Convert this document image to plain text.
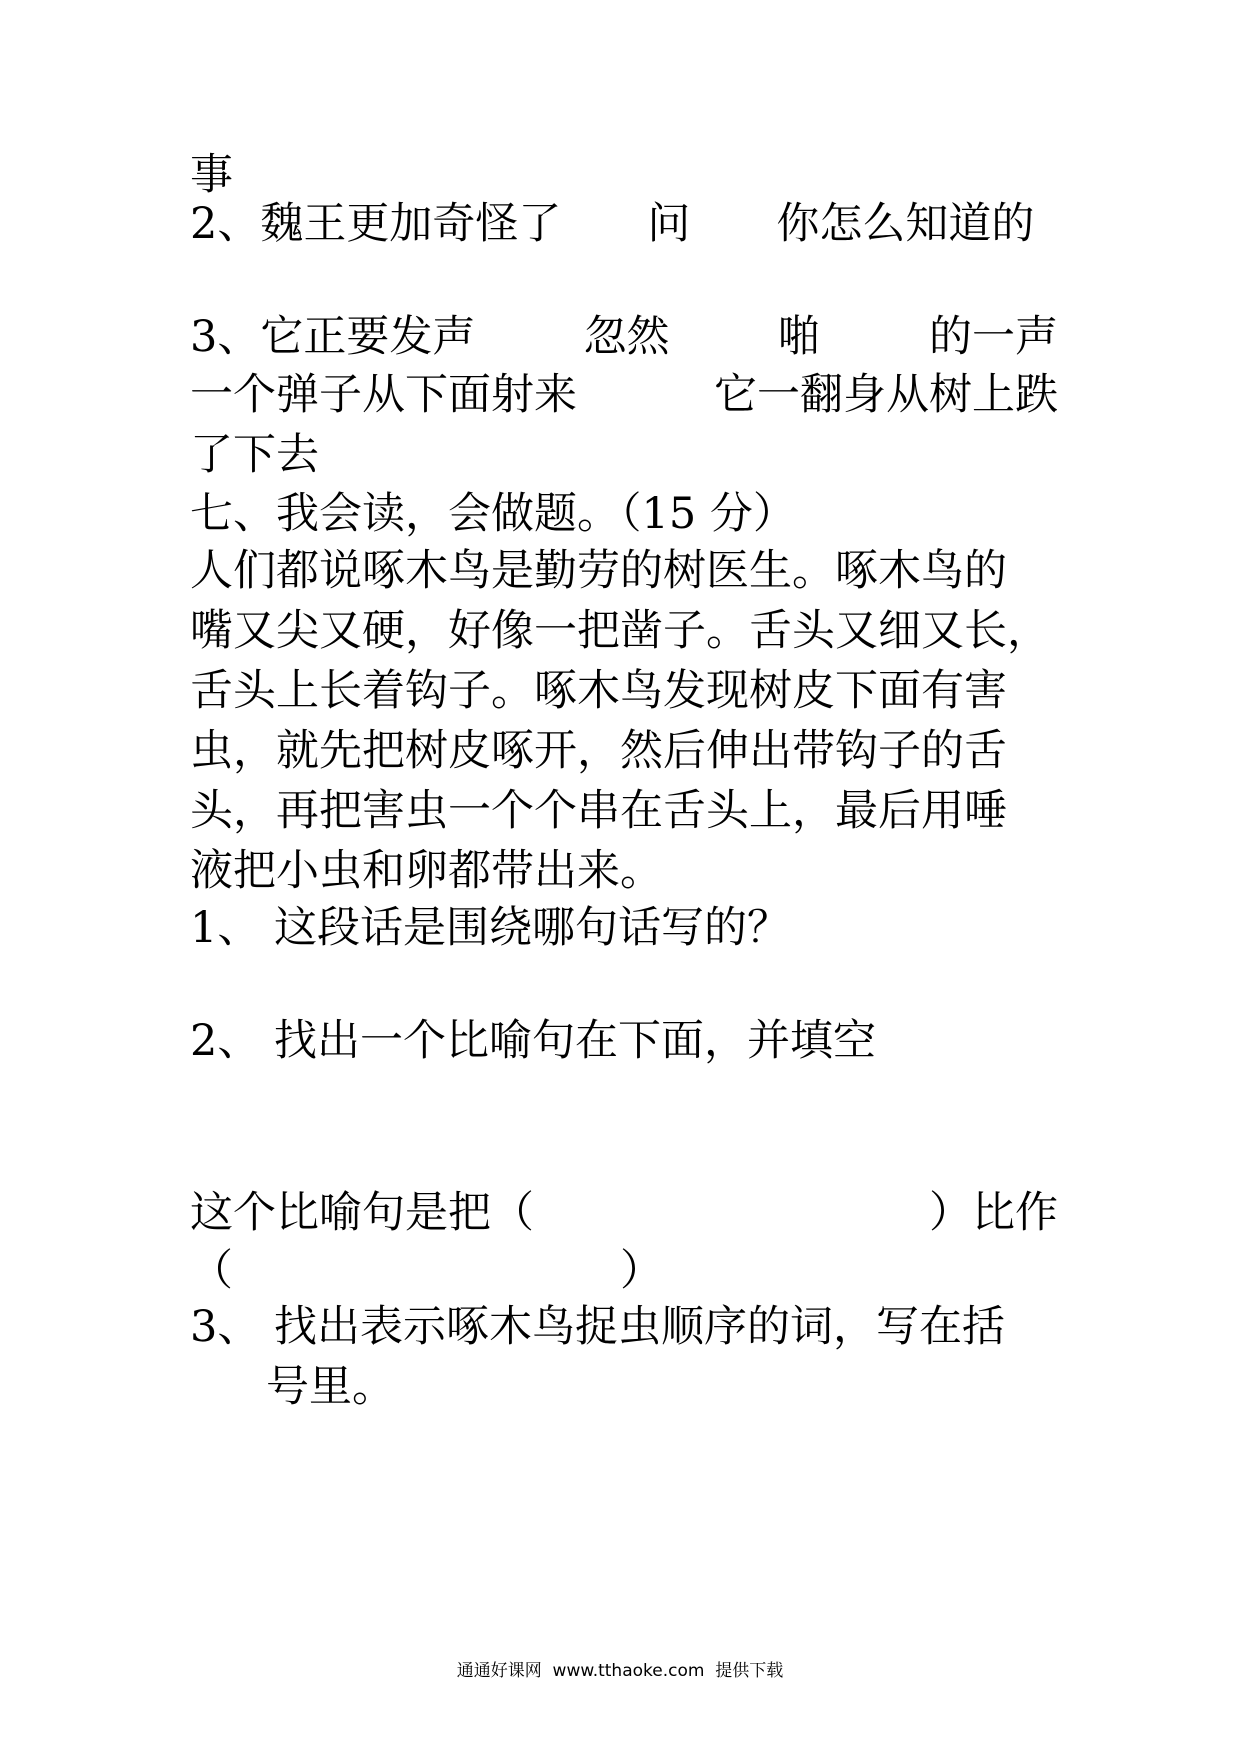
事
2、魏王更加奇怪了　　问　　你怎么知道的
3、它正要发声	忽然	啪	的一声
一个弹子从下面射来	它一翻身从树上跌
了下去
七、我会读，会做题。（15 分）
人们都说啄木鸟是勤劳的树医生。啄木鸟的
嘴又尖又硬，好像一把凿子。舌头又细又长，
舌头上长着钩子。啄木鸟发现树皮下面有害
虫，就先把树皮啄开，然后伸出带钩子的舌
头，再把害虫一个个串在舌头上，最后用唾
液把小虫和卵都带出来。
1、 这段话是围绕哪句话写的？
2、 找出一个比喻句在下面，并填空
这个比喻句是把（	）比作
（　　　　　　　　　）
3、 找出表示啄木鸟捉虫顺序的词，写在括
号里。
通通好课网  www.tthaoke.com  提供下载
